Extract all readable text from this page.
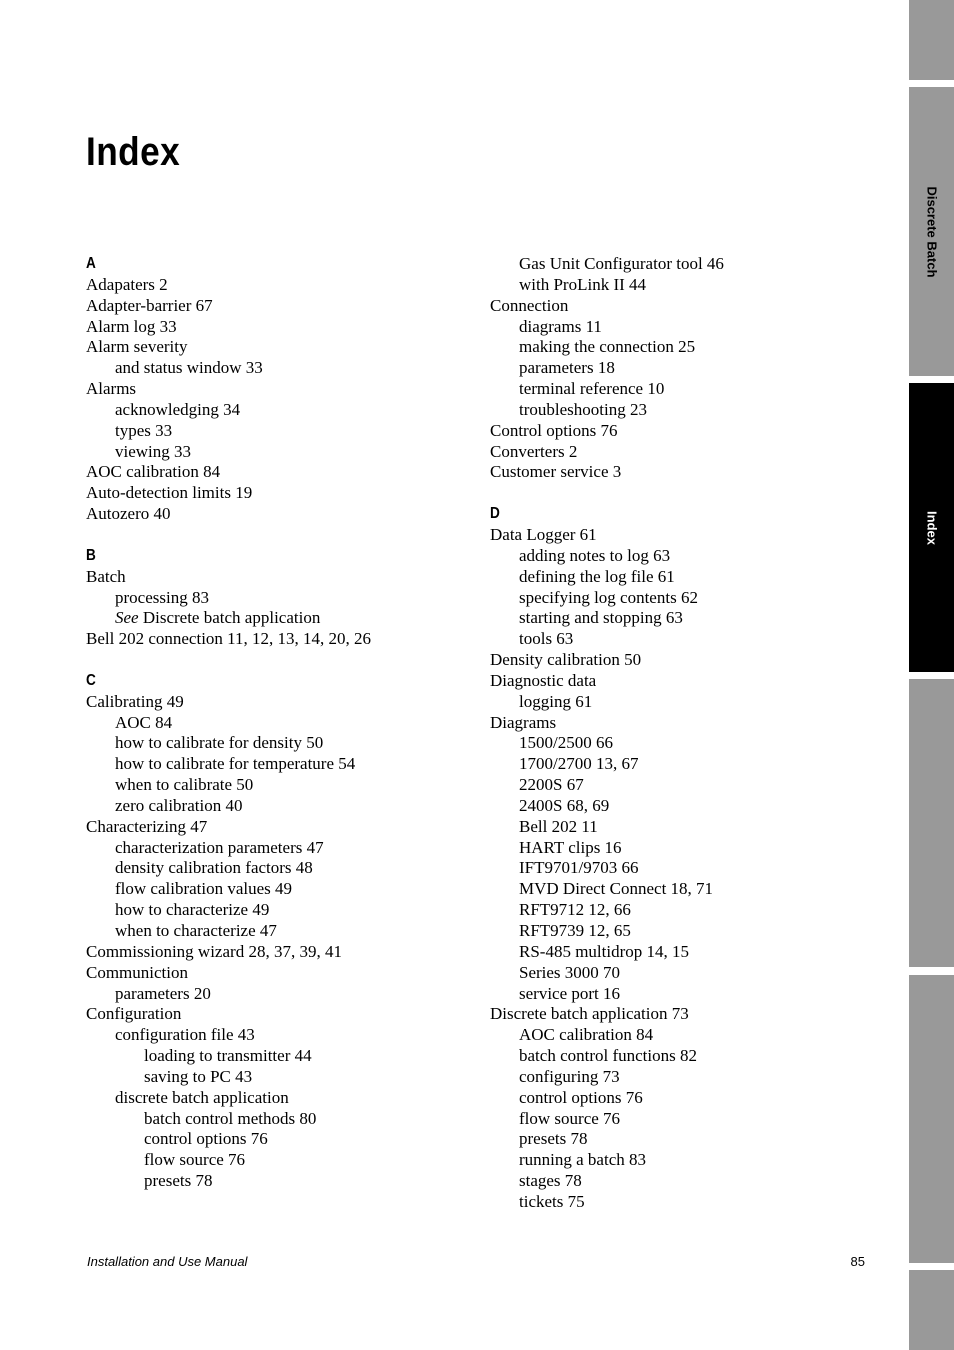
Index
A
Adapaters 2
Adapter-barrier 67
Alarm log 33
Alarm severity
and status window 33
Alarms
acknowledging 34
types 33
viewing 33
AOC calibration 84
Auto-detection limits 19
Autozero 40
B
Batch
processing 83
See Discrete batch application
Bell 202 connection 11, 12, 13, 14, 20, 26
C
Calibrating 49
AOC 84
how to calibrate for density 50
how to calibrate for temperature 54
when to calibrate 50
zero calibration 40
Characterizing 47
characterization parameters 47
density calibration factors 48
flow calibration values 49
how to characterize 49
when to characterize 47
Commissioning wizard 28, 37, 39, 41
Communiction
parameters 20
Configuration
configuration file 43
loading to transmitter 44
saving to PC 43
discrete batch application
batch control methods 80
control options 76
flow source 76
presets 78
Gas Unit Configurator tool 46
with ProLink II 44
Connection
diagrams 11
making the connection 25
parameters 18
terminal reference 10
troubleshooting 23
Control options 76
Converters 2
Customer service 3
D
Data Logger 61
adding notes to log 63
defining the log file 61
specifying log contents 62
starting and stopping 63
tools 63
Density calibration 50
Diagnostic data
logging 61
Diagrams
1500/2500 66
1700/2700 13, 67
2200S 67
2400S 68, 69
Bell 202 11
HART clips 16
IFT9701/9703 66
MVD Direct Connect 18, 71
RFT9712 12, 66
RFT9739 12, 65
RS-485 multidrop 14, 15
Series 3000 70
service port 16
Discrete batch application 73
AOC calibration 84
batch control functions 82
configuring 73
control options 76
flow source 76
presets 78
running a batch 83
stages 78
tickets 75
Installation and Use Manual	85
Discrete Batch
Index
